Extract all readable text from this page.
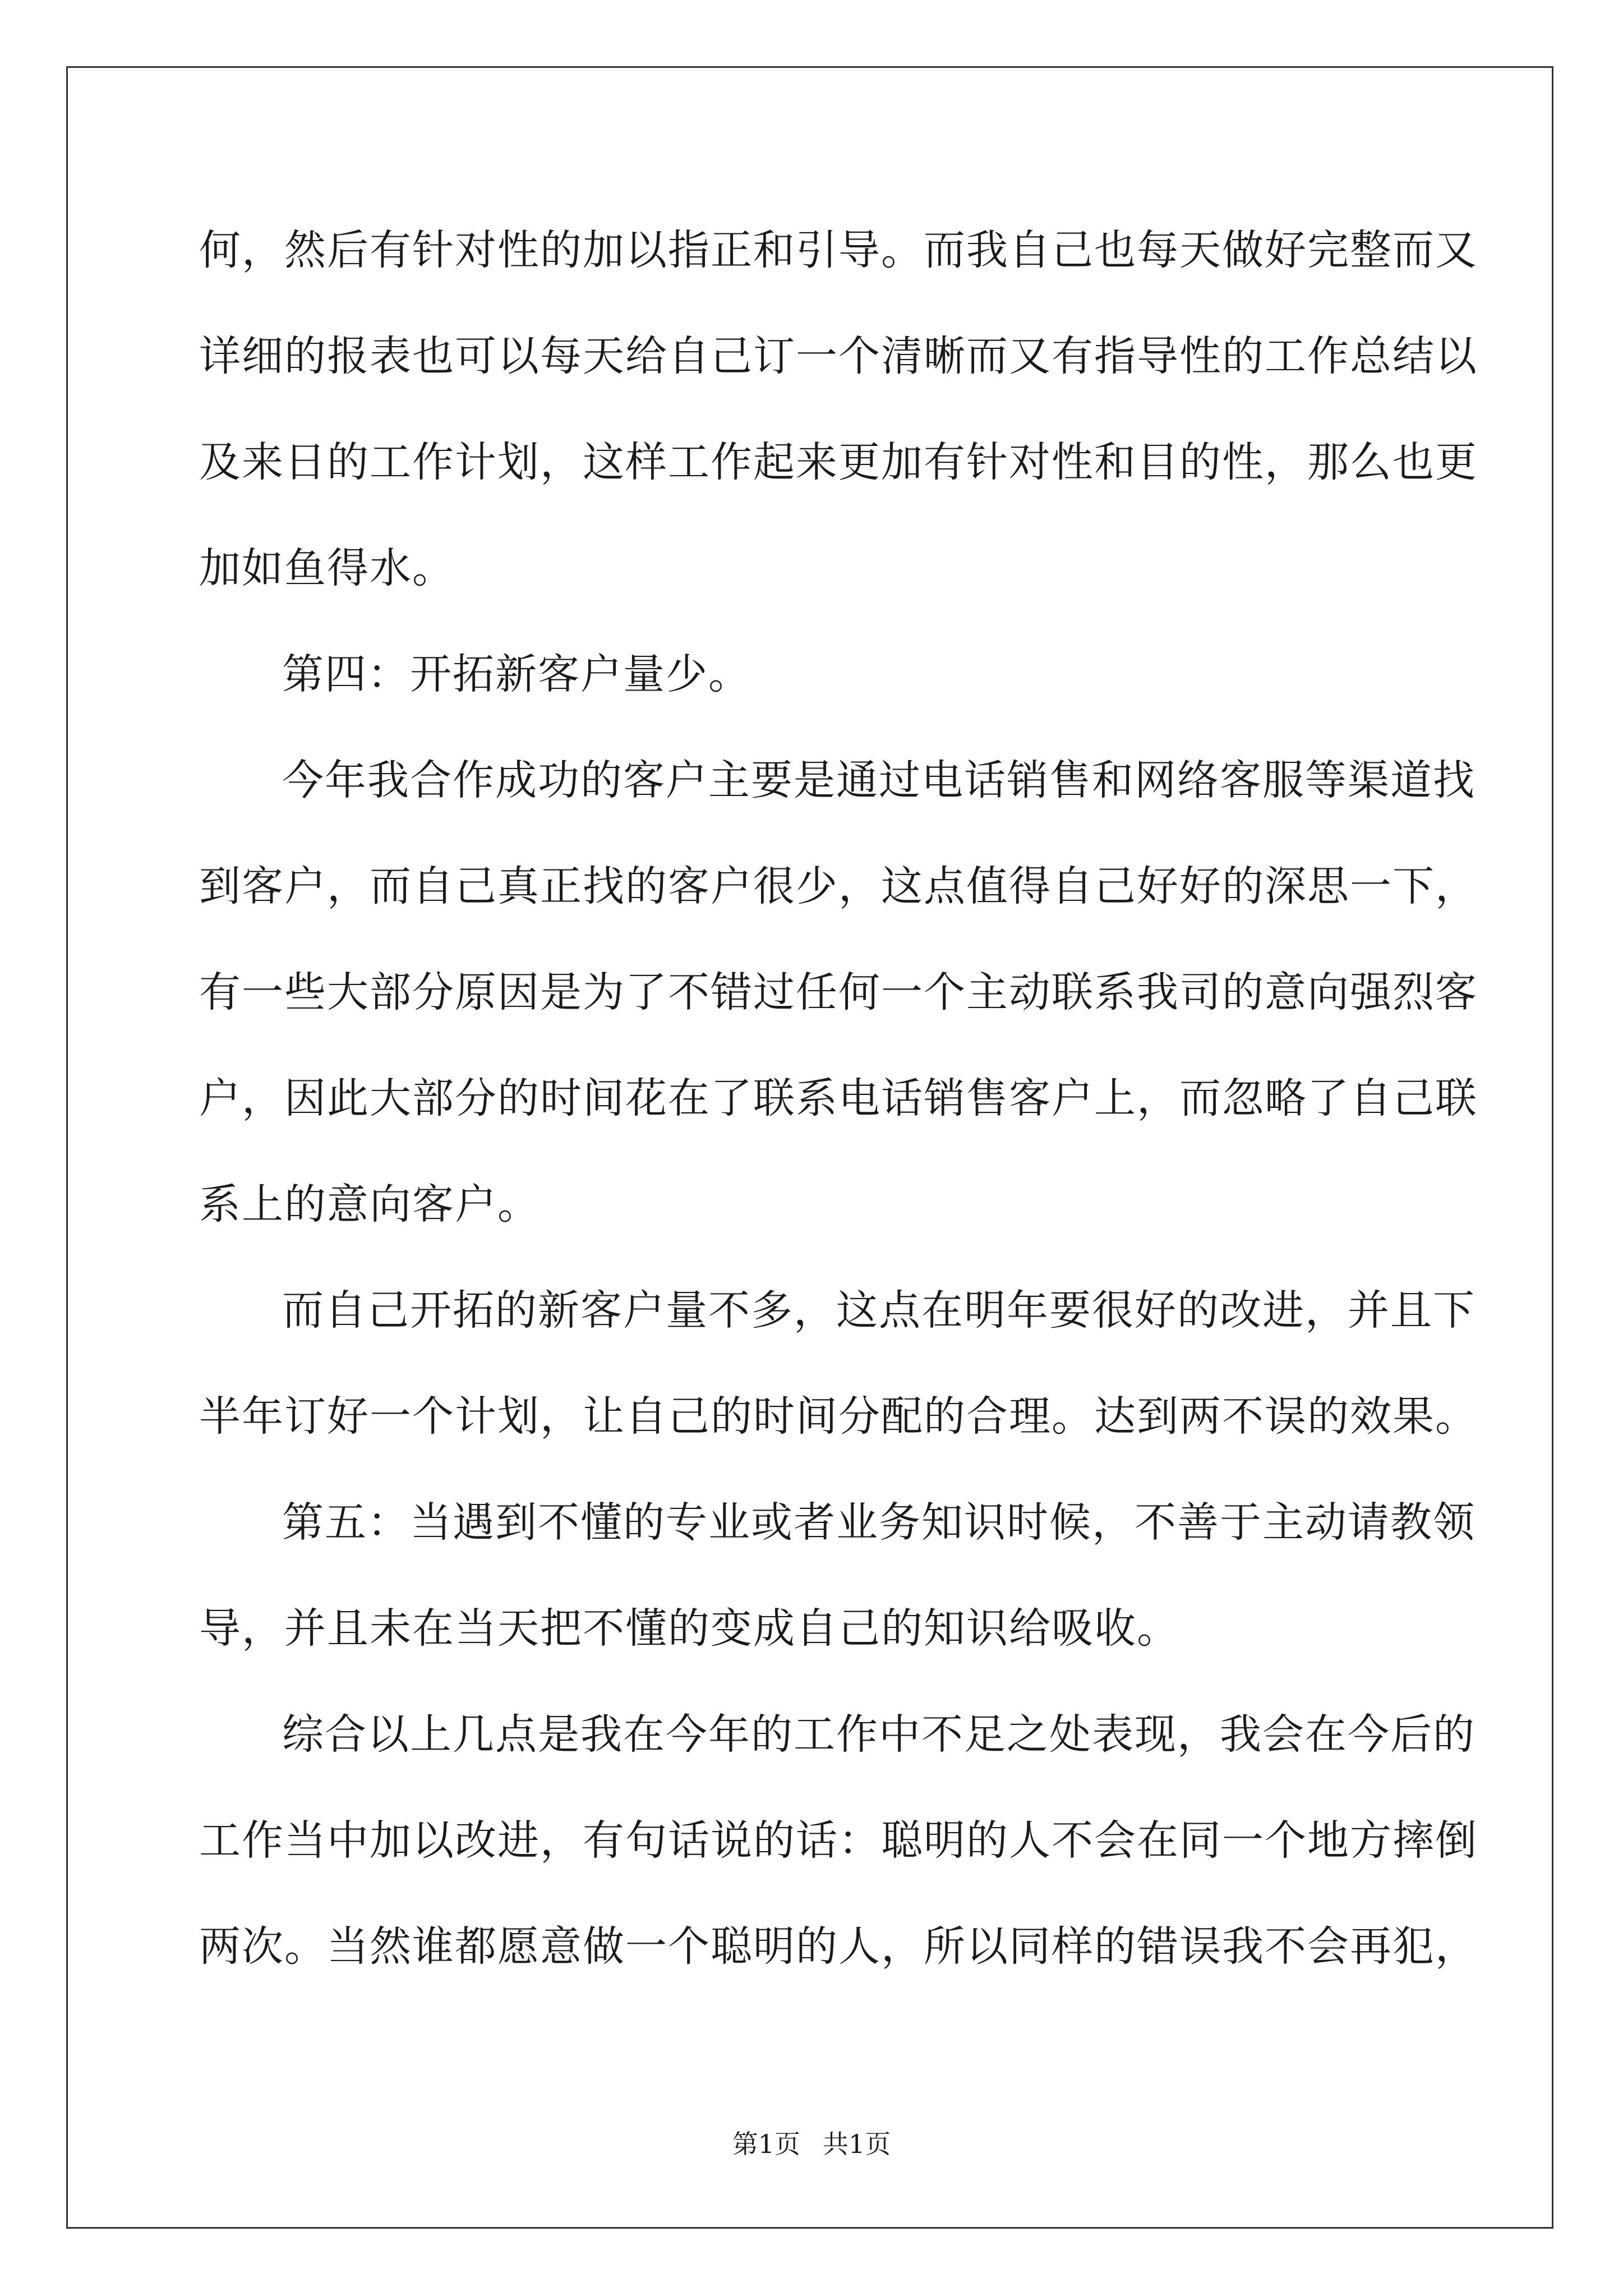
何，然后有针对性的加以指正和引导。而我自己也每天做好完整而又

详细的报表也可以每天给自己订一个清晰而又有指导性的工作总结以

及来日的工作计划，这样工作起来更加有针对性和目的性，那么也更

加如鱼得水。

第四：开拓新客户量少。

今年我合作成功的客户主要是通过电话销售和网络客服等渠道找

到客户，而自己真正找的客户很少，这点值得自己好好的深思一下，

有一些大部分原因是为了不错过任何一个主动联系我司的意向强烈客

户，因此大部分的时间花在了联系电话销售客户上，而忽略了自己联

系上的意向客户。

而自己开拓的新客户量不多，这点在明年要很好的改进，并且下

半年订好一个计划，让自己的时间分配的合理。达到两不误的效果。

第五：当遇到不懂的专业或者业务知识时候，不善于主动请教领

导，并且未在当天把不懂的变成自己的知识给吸收。

综合以上几点是我在今年的工作中不足之处表现，我会在今后的

工作当中加以改进，有句话说的话：聪明的人不会在同一个地方摔倒

两次。当然谁都愿意做一个聪明的人，所以同样的错误我不会再犯，

第1页 共1页
